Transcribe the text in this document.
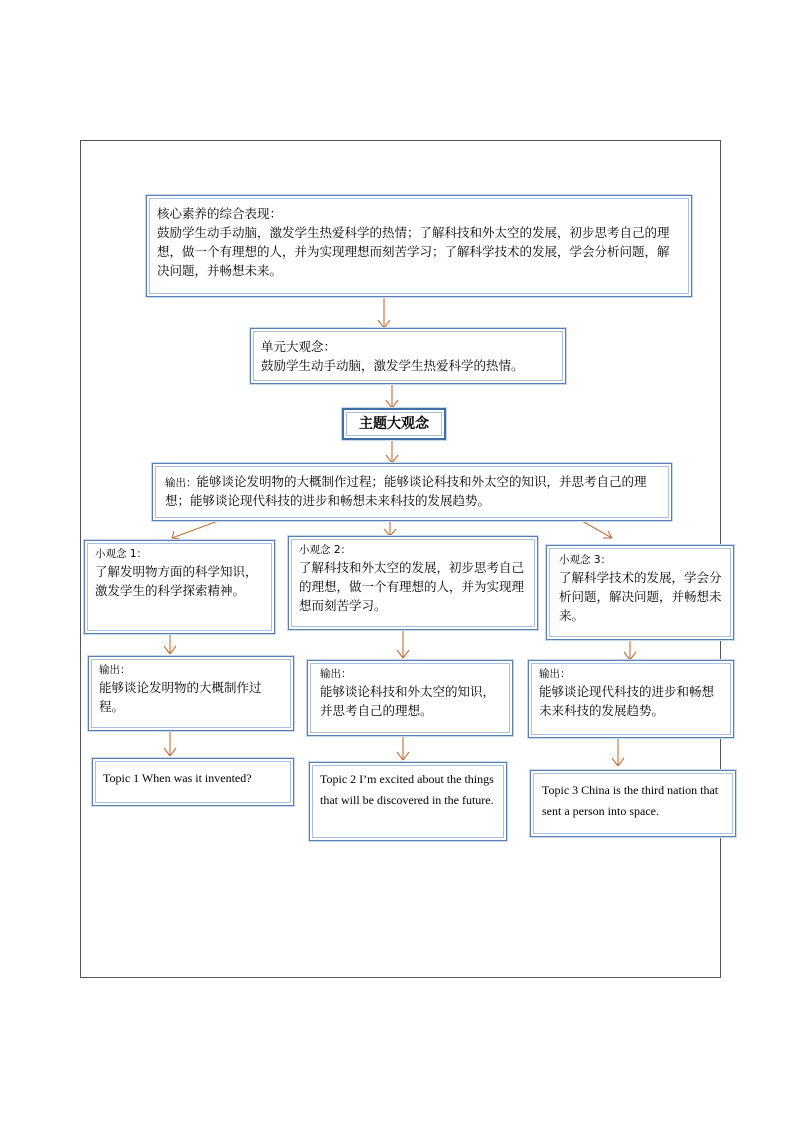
核心素养的综合表现：
鼓励学生动手动脑，激发学生热爱科学的热情；了解科技和外太空的发展，初步思考自己的理想，做一个有理想的人，并为实现理想而刻苦学习；了解科学技术的发展，学会分析问题，解决问题，并畅想未来。
单元大观念：
鼓励学生动手动脑，激发学生热爱科学的热情。
主题大观念
输出：能够谈论发明物的大概制作过程；能够谈论科技和外太空的知识，并思考自己的理想；能够谈论现代科技的进步和畅想未来科技的发展趋势。
小观念 1：
了解发明物方面的科学知识，激发学生的科学探索精神。
小观念 2：
了解科技和外太空的发展，初步思考自己的理想，做一个有理想的人，并为实现理想而刻苦学习。
小观念 3：
了解科学技术的发展，学会分析问题，解决问题，并畅想未来。
输出：
能够谈论发明物的大概制作过程。
输出：
能够谈论科技和外太空的知识，并思考自己的理想。
输出：
能够谈论现代科技的进步和畅想未来科技的发展趋势。
Topic 1 When was it invented?	Topic 2 I’m excited about the things that will be discovered in the future.
Topic 3 China is the third nation that sent a person into space.
